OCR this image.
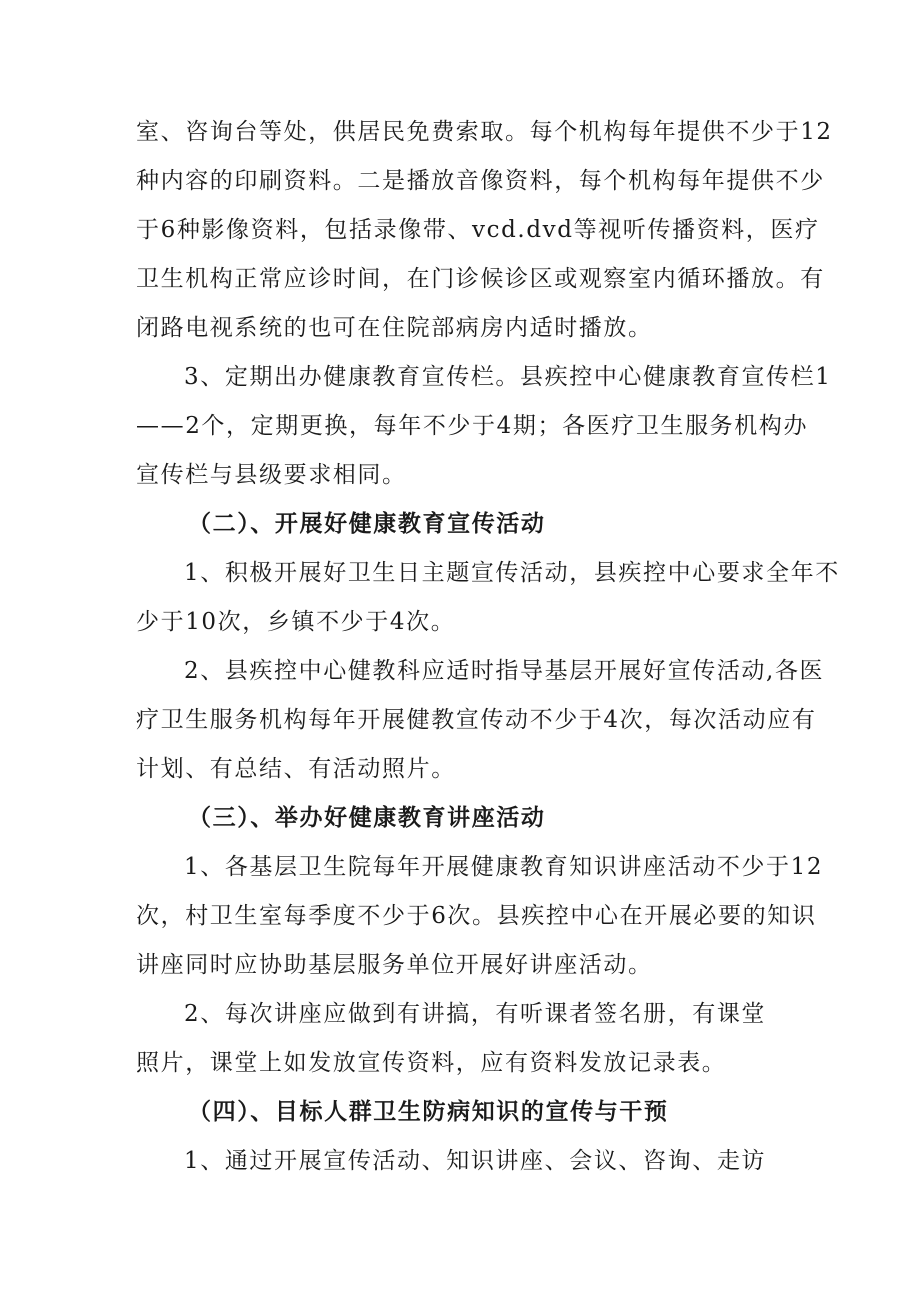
室、咨询台等处，供居民免费索取。每个机构每年提供不少于12
种内容的印刷资料。二是播放音像资料，每个机构每年提供不少
于6种影像资料，包括录像带、vcd.dvd等视听传播资料，医疗
卫生机构正常应诊时间，在门诊候诊区或观察室内循环播放。有
闭路电视系统的也可在住院部病房内适时播放。
3、定期出办健康教育宣传栏。县疾控中心健康教育宣传栏1
——2个，定期更换，每年不少于4期；各医疗卫生服务机构办
宣传栏与县级要求相同。
（二）、开展好健康教育宣传活动
1、积极开展好卫生日主题宣传活动，县疾控中心要求全年不
少于10次，乡镇不少于4次。
2、县疾控中心健教科应适时指导基层开展好宣传活动,各医
疗卫生服务机构每年开展健教宣传动不少于4次，每次活动应有
计划、有总结、有活动照片。
（三）、举办好健康教育讲座活动
1、各基层卫生院每年开展健康教育知识讲座活动不少于12
次，村卫生室每季度不少于6次。县疾控中心在开展必要的知识
讲座同时应协助基层服务单位开展好讲座活动。
2、每次讲座应做到有讲搞，有听课者签名册，有课堂
照片，课堂上如发放宣传资料，应有资料发放记录表。
（四）、目标人群卫生防病知识的宣传与干预
1、通过开展宣传活动、知识讲座、会议、咨询、走访
